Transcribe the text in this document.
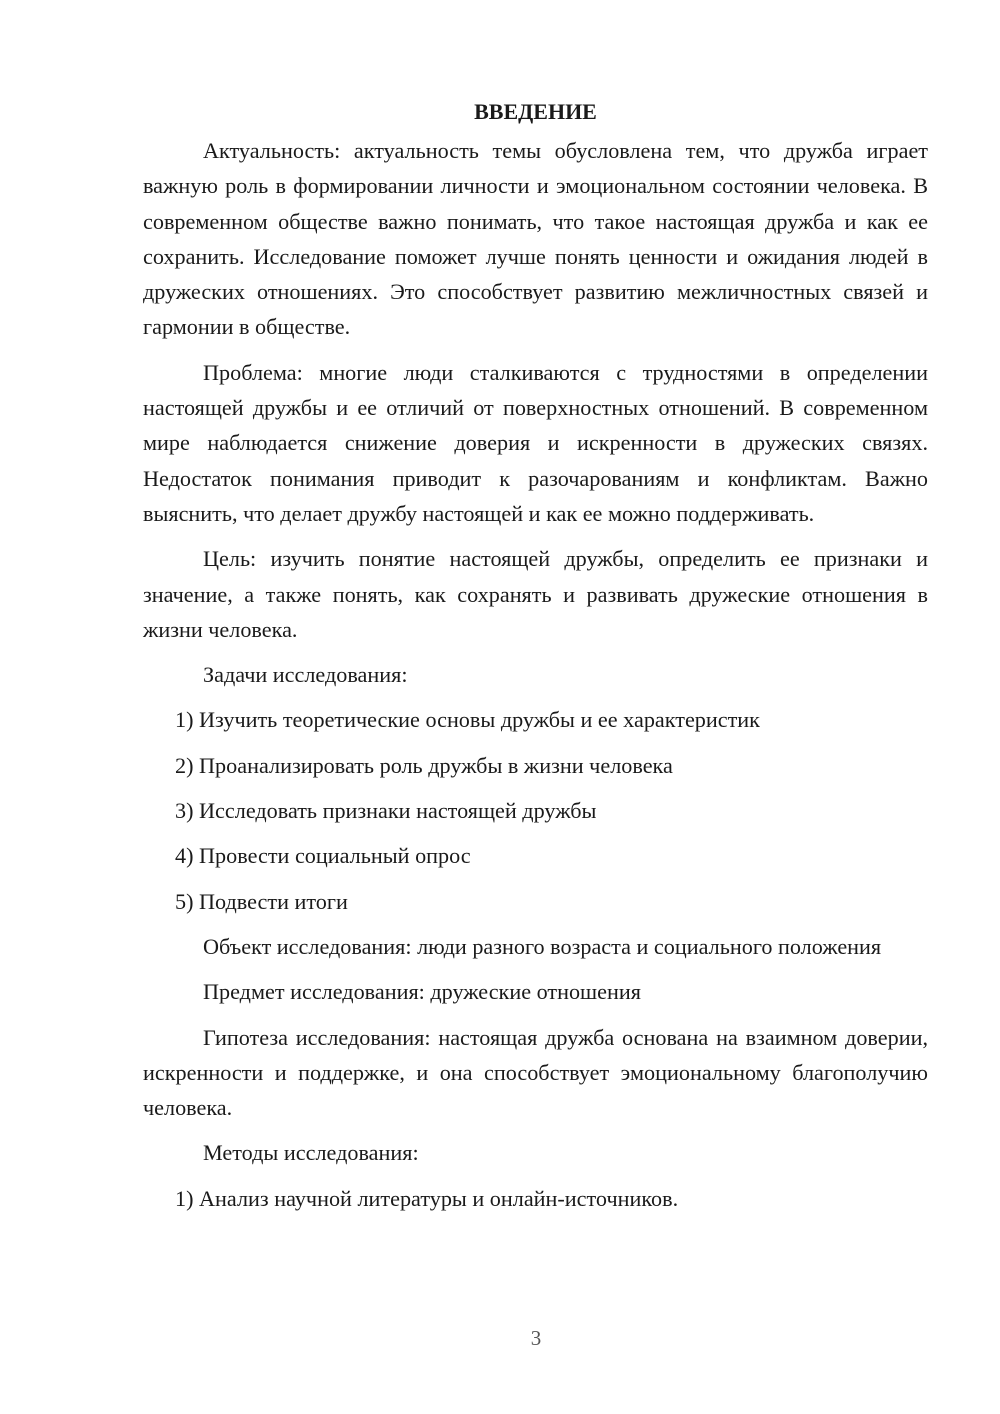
ВВЕДЕНИЕ

Актуальность: актуальность темы обусловлена тем, что дружба играет важную роль в формировании личности и эмоциональном состоянии человека. В современном обществе важно понимать, что такое настоящая дружба и как ее сохранить. Исследование поможет лучше понять ценности и ожидания людей в дружеских отношениях. Это способствует развитию межличностных связей и гармонии в обществе.

Проблема: многие люди сталкиваются с трудностями в определении настоящей дружбы и ее отличий от поверхностных отношений. В современном мире наблюдается снижение доверия и искренности в дружеских связях. Недостаток понимания приводит к разочарованиям и конфликтам. Важно выяснить, что делает дружбу настоящей и как ее можно поддерживать.

Цель: изучить понятие настоящей дружбы, определить ее признаки и значение, а также понять, как сохранять и развивать дружеские отношения в жизни человека.

Задачи исследования:

1) Изучить теоретические основы дружбы и ее характеристик

2) Проанализировать роль дружбы в жизни человека

3) Исследовать признаки настоящей дружбы

4) Провести социальный опрос

5) Подвести итоги

Объект исследования: люди разного возраста и социального положения

Предмет исследования: дружеские отношения

Гипотеза исследования: настоящая дружба основана на взаимном доверии, искренности и поддержке, и она способствует эмоциональному благополучию человека.

Методы исследования:

1) Анализ научной литературы и онлайн-источников.

3
